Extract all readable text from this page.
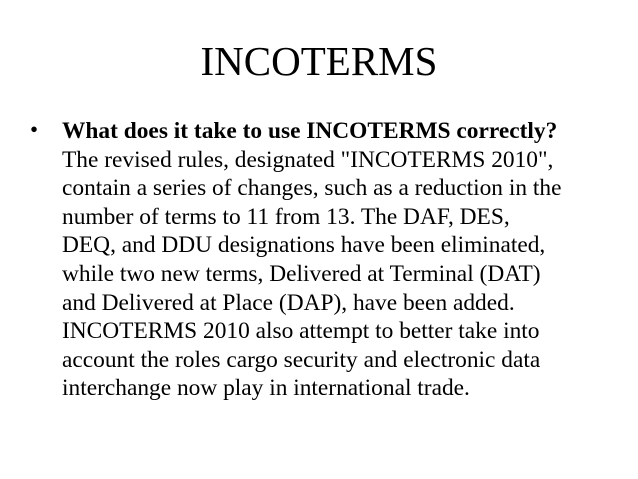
INCOTERMS
• What does it take to use INCOTERMS correctly?
The revised rules, designated "INCOTERMS 2010",
contain a series of changes, such as a reduction in the
number of terms to 11 from 13. The DAF, DES,
DEQ, and DDU designations have been eliminated,
while two new terms, Delivered at Terminal (DAT)
and Delivered at Place (DAP), have been added.
INCOTERMS 2010 also attempt to better take into
account the roles cargo security and electronic data
interchange now play in international trade.
